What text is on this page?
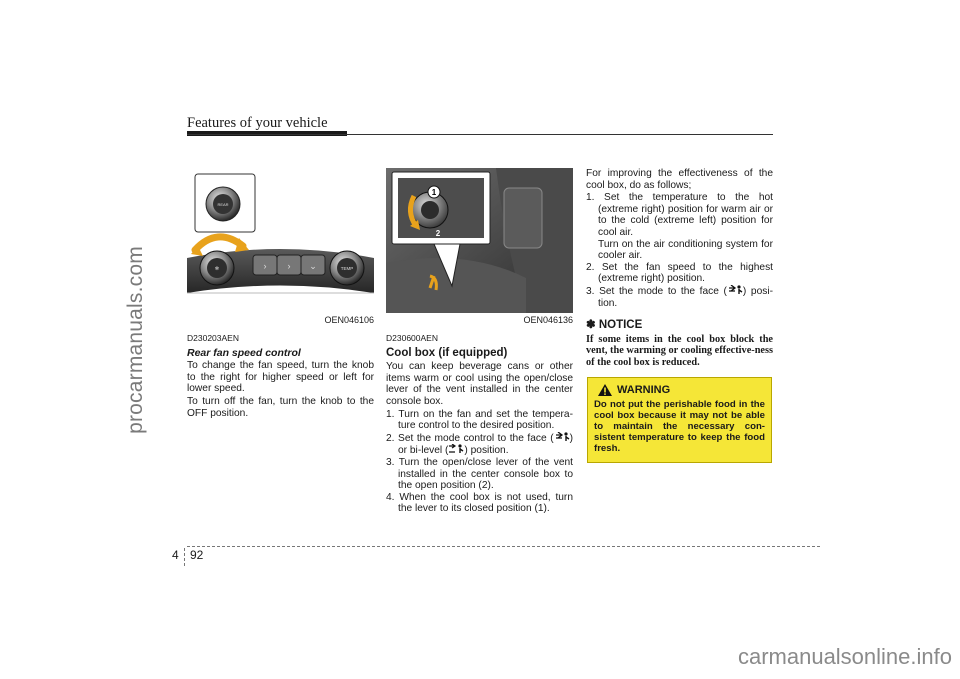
procarmanuals.com
carmanualsonline.info
Features of your vehicle
REAR
✻	› › ⌄	TEMP
OEN046106
D230203AEN
Rear fan speed control

To change the fan speed, turn the knob to the right for higher speed or left for lower speed.

To turn off the fan, turn the knob to the OFF position.

1
2
OEN046136
D230600AEN
Cool box (if equipped)

You can keep beverage cans or other items warm or cool using the open/close lever of the vent installed in the center console box.

1. Turn on the fan and set the tempera-ture control to the desired position.
2. Set the mode control to the face ( ) or bi-level ( ) position.
3. Turn the open/close lever of the vent installed in the center console box to the open position (2).
4. When the cool box is not used, turn the lever to its closed position (1).

For improving the effectiveness of the cool box, do as follows;

1. Set the temperature to the hot (extreme right) position for warm air or to the cold (extreme left) position for cool air.
Turn on the air conditioning system for cooler air.
2. Set the fan speed to the highest (extreme right) position.
3. Set the mode to the face ( ) posi-tion.
✽ NOTICE
If some items in the cool box block the vent, the warming or cooling effective-ness of the cool box is reduced.
WARNING
Do not put the perishable food in the cool box because it may not be able to maintain the necessary con-sistent temperature to keep the food fresh.
4 92
